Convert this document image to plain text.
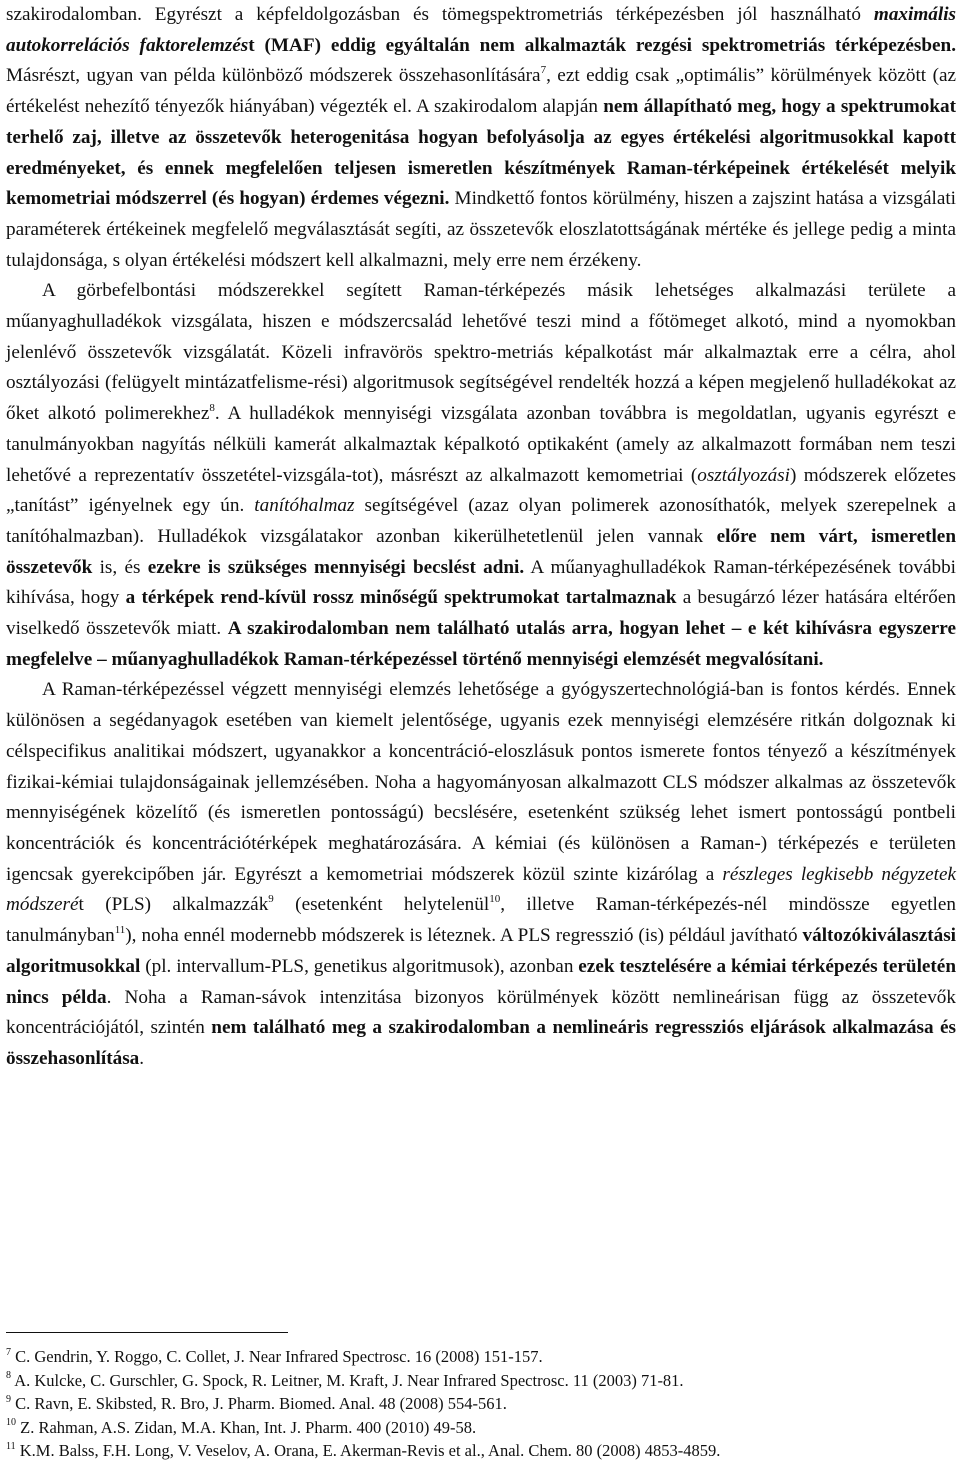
szakirodalomban. Egyrészt a képfeldolgozásban és tömegspektrometriás térképezésben jól használható maximális autokorrelációs faktorelemzést (MAF) eddig egyáltalán nem alkalmazták rezgési spektrometriás térképezésben. Másrészt, ugyan van példa különböző módszerek összehasonlítására$^7$, ezt eddig csak „optimális” körülmények között (az értékelést nehezítő tényezők hiányában) végezték el. A szakirodalom alapján nem állapítható meg, hogy a spektrumokat terhelő zaj, illetve az összetevők heterogenitása hogyan befolyásolja az egyes értékelési algoritmusokkal kapott eredményeket, és ennek megfelelően teljesen ismeretlen készítmények Raman-térképeinek értékelését melyik kemometriai módszerrel (és hogyan) érdemes végezni. Mindkettő fontos körülmény, hiszen a zajszint hatása a vizsgálati paraméterek értékeinek megfelelő megválasztását segíti, az összetevők eloszlatottságának mértéke és jellege pedig a minta tulajdonsága, s olyan értékelési módszert kell alkalmazni, mely erre nem érzékeny.

A görbefelbontási módszerekkel segített Raman-térképezés másik lehetséges alkalmazási területe a műanyaghulladékok vizsgálata, hiszen e módszercsalád lehetővé teszi mind a főtömeget alkotó, mind a nyomokban jelenlévő összetevők vizsgálatát. Közeli infravörös spektro-metriás képalkotást már alkalmaztak erre a célra, ahol osztályozási (felügyelt mintázatfelisme-rési) algoritmusok segítségével rendelték hozzá a képen megjelenő hulladékokat az őket alkotó polimerekhez$^8$. A hulladékok mennyiségi vizsgálata azonban továbbra is megoldatlan, ugyanis egyrészt e tanulmányokban nagyítás nélküli kamerát alkalmaztak képalkotó optikaként (amely az alkalmazott formában nem teszi lehetővé a reprezentatív összetétel-vizsgála-tot), másrészt az alkalmazott kemometriai (osztályozási) módszerek előzetes „tanítást” igényelnek egy ún. tanítóhalmaz segítségével (azaz olyan polimerek azonosíthatók, melyek szerepelnek a tanítóhalmazban). Hulladékok vizsgálatakor azonban kikerülhetetlenül jelen vannak előre nem várt, ismeretlen összetevők is, és ezekre is szükséges mennyiségi becslést adni. A műanyaghulladékok Raman-térképezésének további kihívása, hogy a térképek rend-kívül rossz minőségű spektrumokat tartalmaznak a besugárzó lézer hatására eltérően viselkedő összetevők miatt. A szakirodalomban nem található utalás arra, hogyan lehet – e két kihívásra egyszerre megfelelve – műanyaghulladékok Raman-térképezéssel történő mennyiségi elemzését megvalósítani.

A Raman-térképezéssel végzett mennyiségi elemzés lehetősége a gyógyszertechnológiá-ban is fontos kérdés. Ennek különösen a segédanyagok esetében van kiemelt jelentősége, ugyanis ezek mennyiségi elemzésére ritkán dolgoznak ki célspecifikus analitikai módszert, ugyanakkor a koncentráció-eloszlásuk pontos ismerete fontos tényező a készítmények fizikai-kémiai tulajdonságainak jellemzésében. Noha a hagyományosan alkalmazott CLS módszer alkalmas az összetevők mennyiségének közelítő (és ismeretlen pontosságú) becslésére, esetenként szükség lehet ismert pontosságú pontbeli koncentrációk és koncentrációtérképek meghatározására. A kémiai (és különösen a Raman-) térképezés e területen igencsak gyerekcipőben jár. Egyrészt a kemometriai módszerek közül szinte kizárólag a részleges legkisebb négyzetek módszerét (PLS) alkalmazzák$^9$ (esetenként helytelenül$^{10}$, illetve Raman-térképezés-nél mindössze egyetlen tanulmányban$^{11}$), noha ennél modernebb módszerek is léteznek. A PLS regresszió (is) például javítható változókiválasztási algoritmusokkal (pl. intervallum-PLS, genetikus algoritmusok), azonban ezek tesztelésére a kémiai térképezés területén nincs példa. Noha a Raman-sávok intenzitása bizonyos körülmények között nemlineárisan függ az összetevők koncentrációjától, szintén nem található meg a szakirodalomban a nemlineáris regressziós eljárások alkalmazása és összehasonlítása.

$^7$ C. Gendrin, Y. Roggo, C. Collet, J. Near Infrared Spectrosc. 16 (2008) 151-157.
$^8$ A. Kulcke, C. Gurschler, G. Spock, R. Leitner, M. Kraft, J. Near Infrared Spectrosc. 11 (2003) 71-81.
$^9$ C. Ravn, E. Skibsted, R. Bro, J. Pharm. Biomed. Anal. 48 (2008) 554-561.
$^{10}$ Z. Rahman, A.S. Zidan, M.A. Khan, Int. J. Pharm. 400 (2010) 49-58.
$^{11}$ K.M. Balss, F.H. Long, V. Veselov, A. Orana, E. Akerman-Revis et al., Anal. Chem. 80 (2008) 4853-4859.
